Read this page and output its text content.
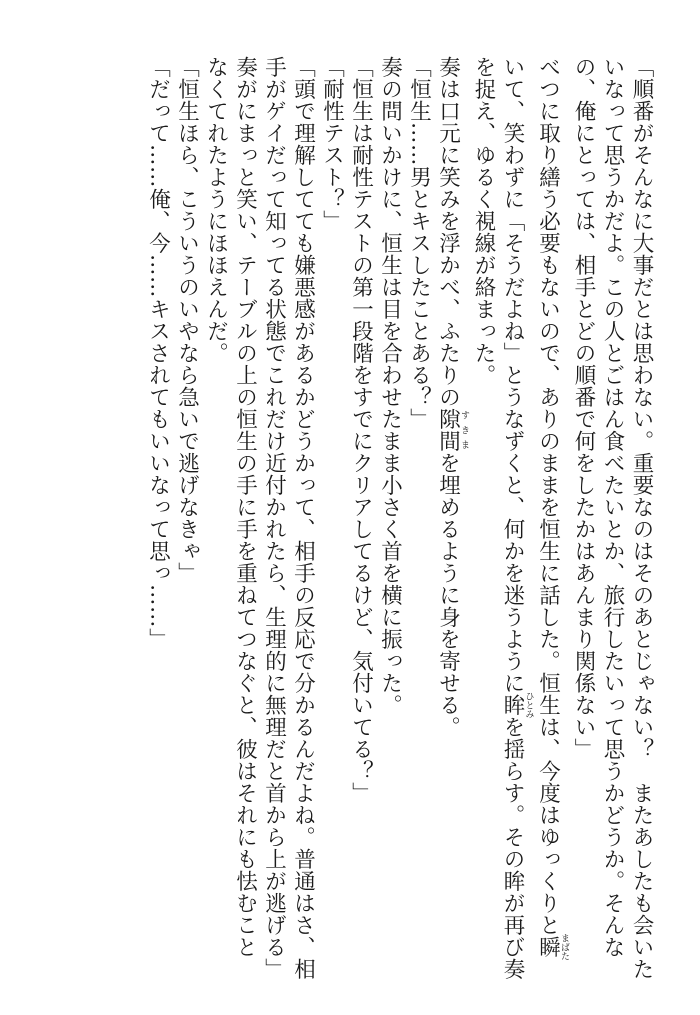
「順番がそんなに大事だとは思わない。重要なのはそのあとじゃない？　またあしたも会いた
いなって思うかだよ。この人とごはん食べたいとか、旅行したいって思うかどうか。そんな
の、俺にとっては、相手とどの順番で何をしたかはあんまり関係ない」
べつに取り繕う必要もないので、ありのままを恒生に話した。恒生は、今度はゆっくりと瞬まばた
いて、笑わずに「そうだよね」とうなずくと、何かを迷うように眸ひとみを揺らす。その眸が再び奏
を捉え、ゆるく視線が絡まった。
奏は口元に笑みを浮かべ、ふたりの隙間すきまを埋めるように身を寄せる。
「恒生……男とキスしたことある？」
奏の問いかけに、恒生は目を合わせたまま小さく首を横に振った。
「恒生は耐性テストの第一段階をすでにクリアしてるけど、気付いてる？」
「耐性テスト？」
「頭で理解してても嫌悪感があるかどうかって、相手の反応で分かるんだよね。普通はさ、相
手がゲイだって知ってる状態でこれだけ近付かれたら、生理的に無理だと首から上が逃げる」
奏がにまっと笑い、テーブルの上の恒生の手に手を重ねてつなぐと、彼はそれにも怯むこと
なくてれたようにほほえんだ。
「恒生ほら、こういうのいやなら急いで逃げなきゃ」
「だって……俺、今……キスされてもいいなって思っ……」
